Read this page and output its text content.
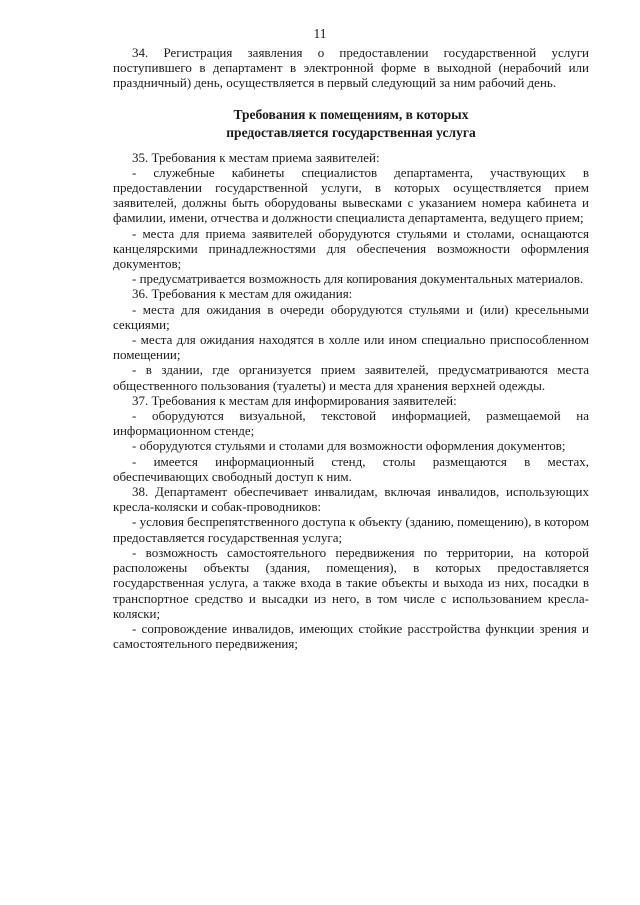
11

34. Регистрация заявления о предоставлении государственной услуги поступившего в департамент в электронной форме в выходной (нерабочий или праздничный) день, осуществляется в первый следующий за ним рабочий день.

Требования к помещениям, в которых

предоставляется государственная услуга

35. Требования к местам приема заявителей:

- служебные кабинеты специалистов департамента, участвующих в предоставлении государственной услуги, в которых осуществляется прием заявителей, должны быть оборудованы вывесками с указанием номера кабинета и фамилии, имени, отчества и должности специалиста департамента, ведущего прием;

- места для приема заявителей оборудуются стульями и столами, оснащаются канцелярскими принадлежностями для обеспечения возможности оформления документов;

- предусматривается возможность для копирования документальных материалов.

36. Требования к местам для ожидания:

- места для ожидания в очереди оборудуются стульями и (или) кресельными секциями;

- места для ожидания находятся в холле или ином специально приспособленном помещении;

- в здании, где организуется прием заявителей, предусматриваются места общественного пользования (туалеты) и места для хранения верхней одежды.

37. Требования к местам для информирования заявителей:

- оборудуются визуальной, текстовой информацией, размещаемой на информационном стенде;

- оборудуются стульями и столами для возможности оформления документов;

- имеется информационный стенд, столы размещаются в местах, обеспечивающих свободный доступ к ним.

38. Департамент обеспечивает инвалидам, включая инвалидов, использующих кресла-коляски и собак-проводников:

- условия беспрепятственного доступа к объекту (зданию, помещению), в котором предоставляется государственная услуга;

- возможность самостоятельного передвижения по территории, на которой расположены объекты (здания, помещения), в которых предоставляется государственная услуга, а также входа в такие объекты и выхода из них, посадки в транспортное средство и высадки из него, в том числе с использованием кресла-коляски;

- сопровождение инвалидов, имеющих стойкие расстройства функции зрения и самостоятельного передвижения;
